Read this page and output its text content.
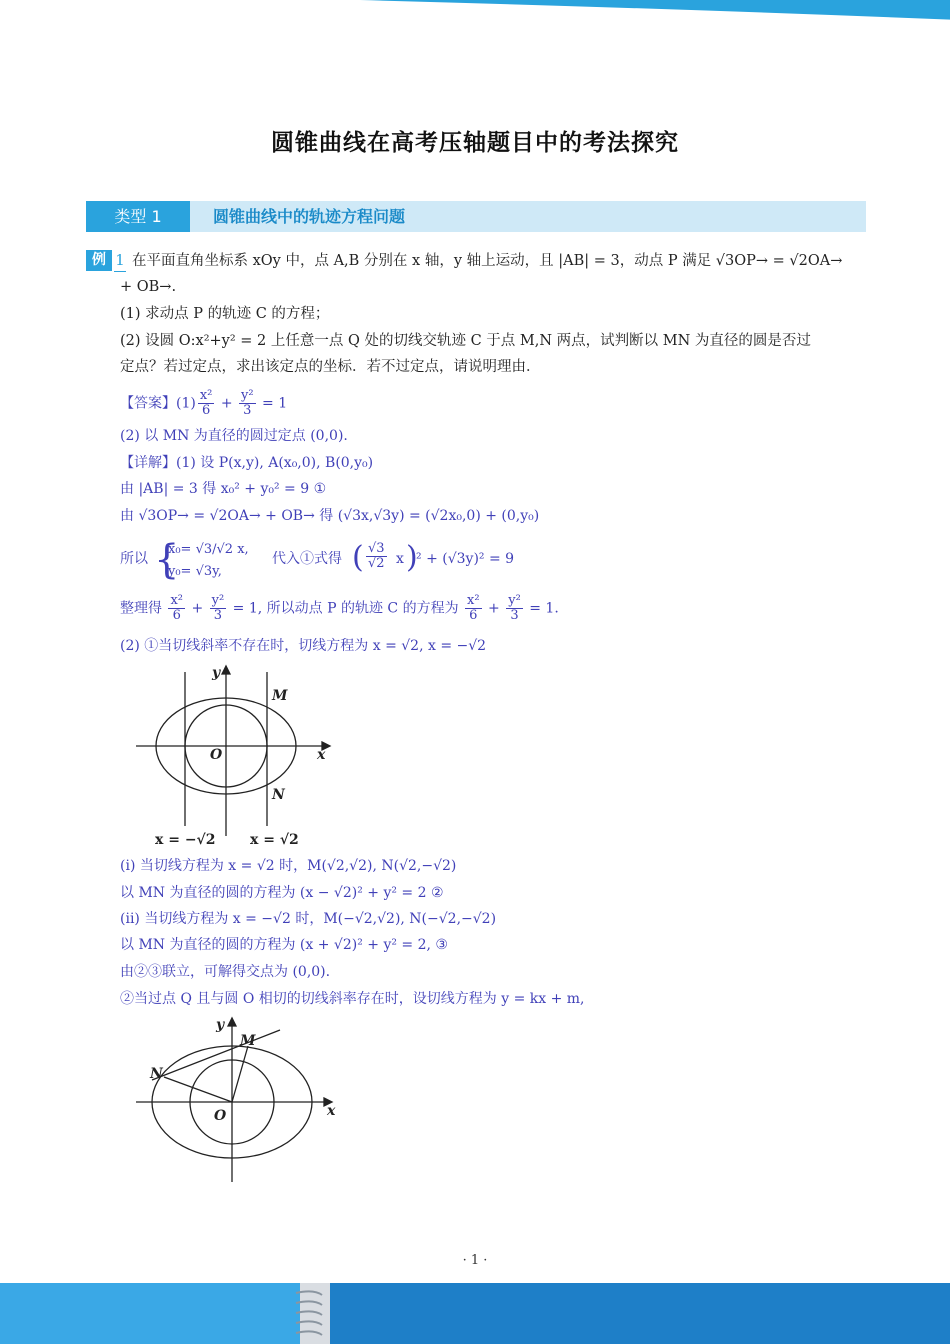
圆锥曲线在高考压轴题目中的考法探究
类型 1	圆锥曲线中的轨迹方程问题
例 1 在平面直角坐标系 xOy 中，点 A,B 分别在 x 轴，y 轴上运动，且 |AB| = 3，动点 P 满足 √3OP→ = √2OA→
+ OB→.
(1) 求动点 P 的轨迹 C 的方程；
(2) 设圆 O:x²+y² = 2 上任意一点 Q 处的切线交轨迹 C 于点 M,N 两点，试判断以 MN 为直径的圆是否过
定点？若过定点，求出该定点的坐标．若不过定点，请说明理由．
【答案】$(1) \frac{\text{x²}}{6} + \frac{\text{y²}}{3} = 1$
(2) 以 MN 为直径的圆过定点 (0,0).
【详解】(1) 设 P(x,y), A(x₀,0), B(0,y₀)
由 |AB| = 3 得 x₀² + y₀² = 9 ①
由 √3OP→ = √2OA→ + OB→ 得 (√3x,√3y) = (√2x₀,0) + (0,y₀)
所以 {
x₀= √3/√2 x,
y₀= √3y,
代入①式得 ( $\frac{√3}{√2}$ x )
² + (√3y)² = 9
整理得 $\frac{\text{x²}}{6} + \frac{\text{y²}}{3} = 1$, 所以动点 P 的轨迹 C 的方程为 $\frac{\text{x²}}{6} + \frac{\text{y²}}{3} = 1$.
(2) ①当切线斜率不存在时，切线方程为 x = √2, x = −√2
y
x
O
M
N
x = −√2 x = √2
(i) 当切线方程为 x = √2 时，M(√2,√2), N(√2,−√2)
以 MN 为直径的圆的方程为 (x − √2)² + y² = 2 ②
(ii) 当切线方程为 x = −√2 时，M(−√2,√2), N(−√2,−√2)
以 MN 为直径的圆的方程为 (x + √2)² + y² = 2, ③
由②③联立，可解得交点为 (0,0).
②当过点 Q 且与圆 O 相切的切线斜率存在时，设切线方程为 y = kx + m,
y
x
O
M
N
· 1 ·
